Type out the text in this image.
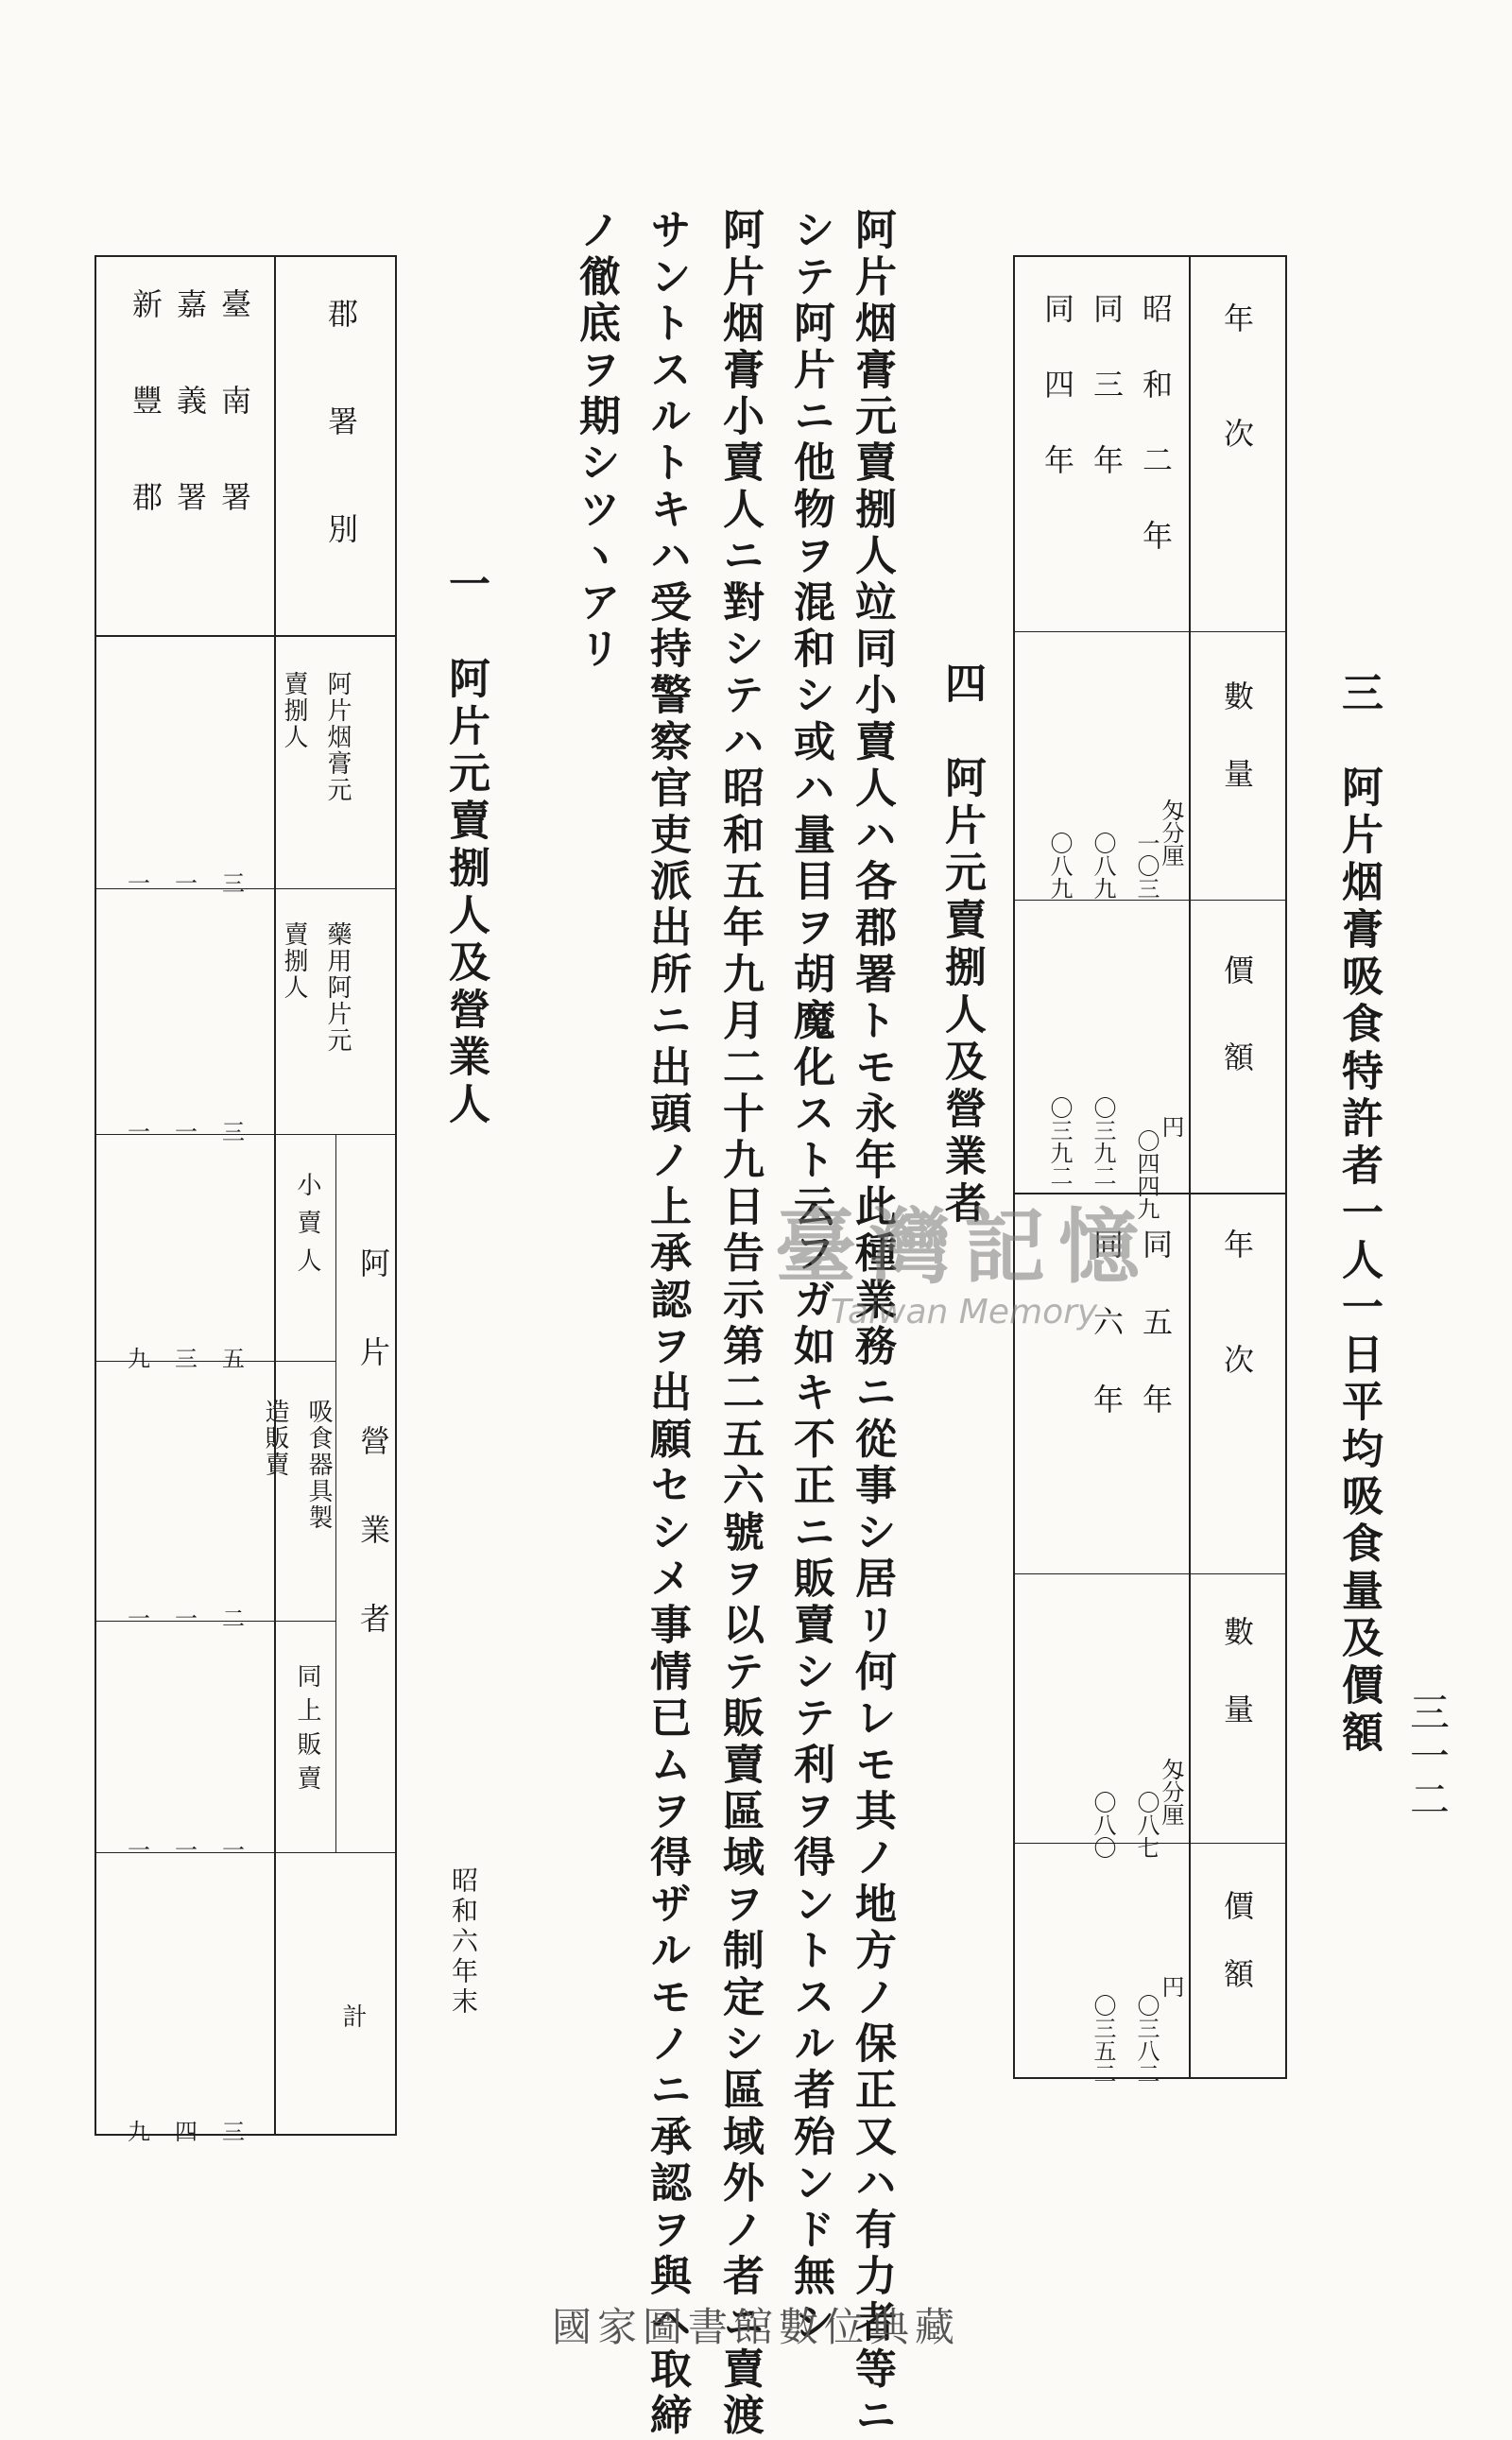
三一二
三　阿片烟膏吸食特許者一人一日平均吸食量及價額
年次
數量
價額
年次
數量
價額
昭和二年
同三年
同四年
匁分厘
一〇三
〇八九
〇八九
円
〇四四九
〇三九二
〇三九二
同五年
同六年
匁分厘
〇八七
〇八〇
円
〇三八二
〇三五二
四　阿片元賣捌人及營業者
阿片烟膏元賣捌人竝同小賣人ハ各郡署トモ永年此種業務ニ從事シ居リ何レモ其ノ地方ノ保正又ハ有力者等ニ
シテ阿片ニ他物ヲ混和シ或ハ量目ヲ胡魔化スト云フガ如キ不正ニ販賣シテ利ヲ得ントスル者殆ンド無シ
阿片烟膏小賣人ニ對シテハ昭和五年九月二十九日告示第二五六號ヲ以テ販賣區域ヲ制定シ區域外ノ者ニ賣渡
サントスルトキハ受持警察官吏派出所ニ出頭ノ上承認ヲ出願セシメ事情已ムヲ得ザルモノニ承認ヲ與ヘ取締
ノ徹底ヲ期シツヽアリ
一　阿片元賣捌人及營業人
昭和六年末
郡署別
阿片營業者
臺南署
嘉義署
新豐郡
阿片烟膏元賣捌人
藥用阿片元賣捌人
小賣人
吸食器具製造販賣
同上販賣
計
三
一
一
三
一
一
五
三
九
二
一
一
一
一
一
三
四
九
臺灣記憶
Taiwan Memory
國家圖書館數位典藏
